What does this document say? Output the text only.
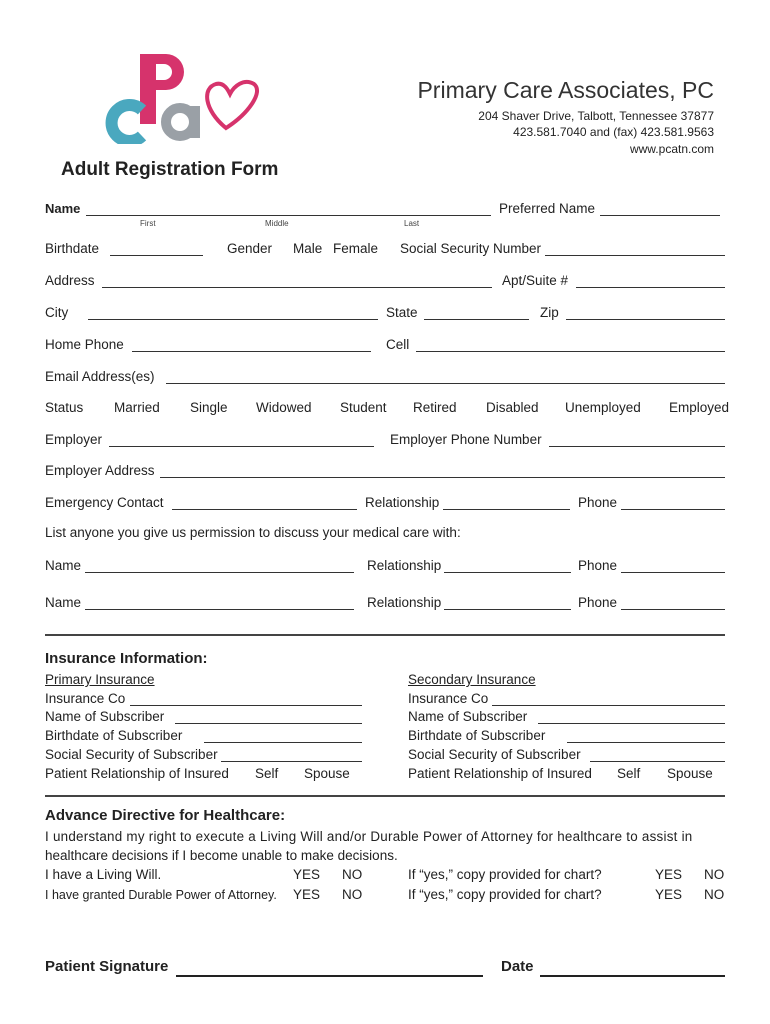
Primary Care Associates, PC
204 Shaver Drive, Talbott, Tennessee 37877
423.581.7040 and (fax) 423.581.9563
www.pcatn.com
Adult Registration Form
Name
First	Middle	Last
Preferred Name
Birthdate	Gender Male Female Social Security Number
Address	Apt/Suite #
City	State	Zip
Home Phone	Cell
Email Address(es)
Status Married Single Widowed Student Retired Disabled Unemployed Employed
Employer	Employer Phone Number
Employer Address
Emergency Contact	Relationship	Phone
List anyone you give us permission to discuss your medical care with:
Name	Relationship	Phone
Name	Relationship	Phone
Insurance Information:
Primary Insurance
Insurance Co
Name of Subscriber
Birthdate of Subscriber
Social Security of Subscriber
Patient Relationship of Insured Self Spouse
Secondary Insurance
Insurance Co
Name of Subscriber
Birthdate of Subscriber
Social Security of Subscriber
Patient Relationship of Insured Self Spouse
Advance Directive for Healthcare:
I understand my right to execute a Living Will and/or Durable Power of Attorney for healthcare to assist in
healthcare decisions if I become unable to make decisions.
I have a Living Will.	YES NO	If “yes,” copy provided for chart?	YES NO
I have granted Durable Power of Attorney. YES NO	If “yes,” copy provided for chart?	YES NO
Patient Signature	Date
